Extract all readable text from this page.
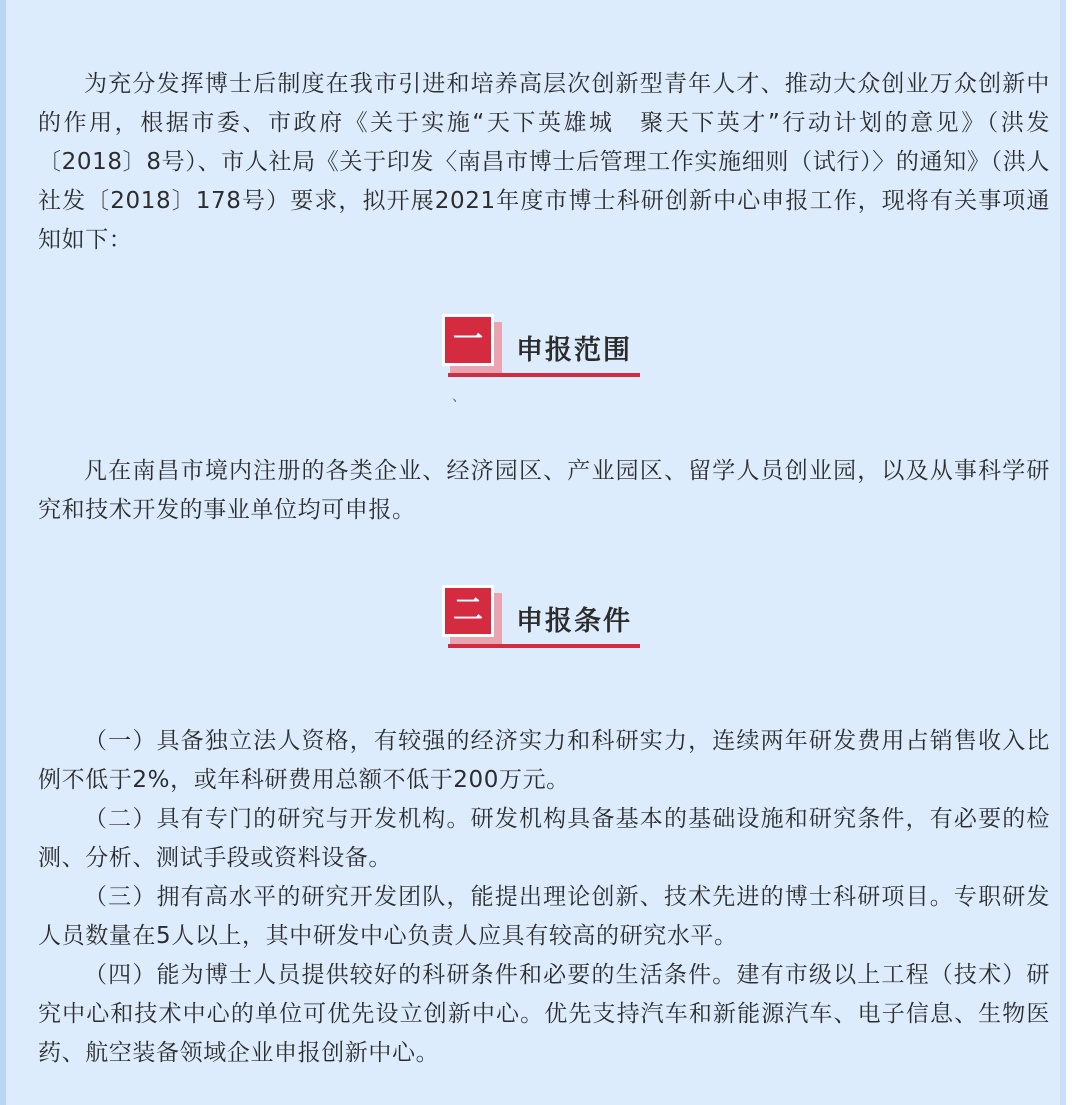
为充分发挥博士后制度在我市引进和培养高层次创新型青年人才、推动大众创业万众创新中的作用，根据市委、市政府《关于实施“天下英雄城　聚天下英才”行动计划的意见》（洪发〔2018〕8号）、市人社局《关于印发〈南昌市博士后管理工作实施细则（试行）〉的通知》（洪人社发〔2018〕178号）要求，拟开展2021年度市博士科研创新中心申报工作，现将有关事项通知如下：

一	申报范围
、

凡在南昌市境内注册的各类企业、经济园区、产业园区、留学人员创业园，以及从事科学研究和技术开发的事业单位均可申报。

二	申报条件

（一）具备独立法人资格，有较强的经济实力和科研实力，连续两年研发费用占销售收入比例不低于2%，或年科研费用总额不低于200万元。

（二）具有专门的研究与开发机构。研发机构具备基本的基础设施和研究条件，有必要的检测、分析、测试手段或资料设备。

（三）拥有高水平的研究开发团队，能提出理论创新、技术先进的博士科研项目。专职研发人员数量在5人以上，其中研发中心负责人应具有较高的研究水平。

（四）能为博士人员提供较好的科研条件和必要的生活条件。建有市级以上工程（技术）研究中心和技术中心的单位可优先设立创新中心。优先支持汽车和新能源汽车、电子信息、生物医药、航空装备领域企业申报创新中心。
